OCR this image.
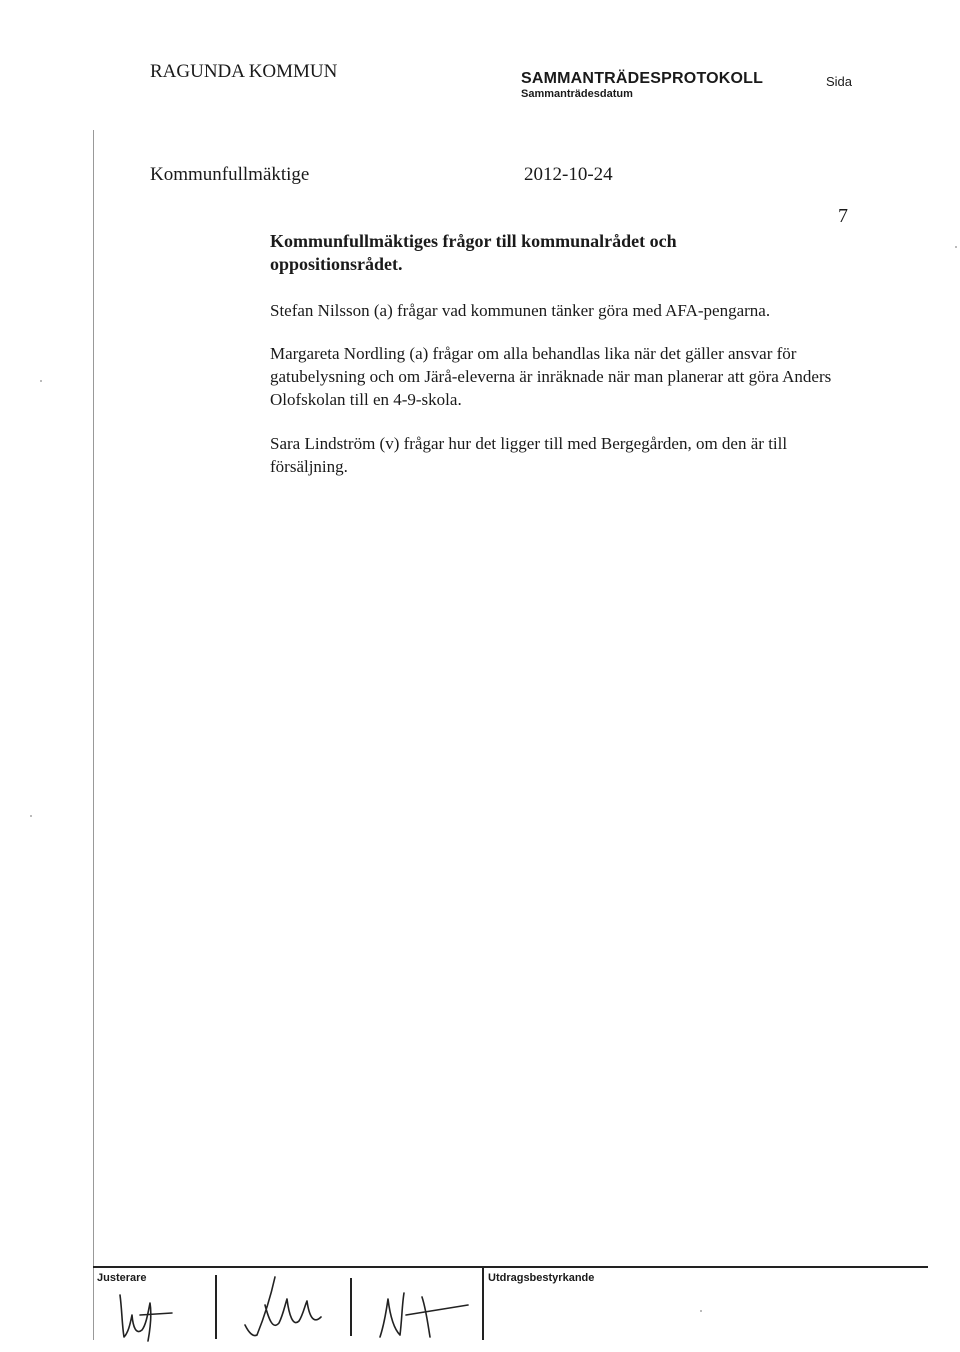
RAGUNDA KOMMUN	SAMMANTRÄDESPROTOKOLL	Sida
Sammanträdesdatum
Kommunfullmäktige	2012-10-24
7
Kommunfullmäktiges frågor till kommunalrådet och oppositionsrådet.
Stefan Nilsson (a) frågar vad kommunen tänker göra med AFA-pengarna.
Margareta Nordling (a) frågar om alla behandlas lika när det gäller ansvar för gatubelysning och om Järå-eleverna är inräknade när man planerar att göra Anders Olofskolan till en 4-9-skola.
Sara Lindström (v) frågar hur det ligger till med Bergegården, om den är till försäljning.
Justerare	Utdragsbestyrkande
